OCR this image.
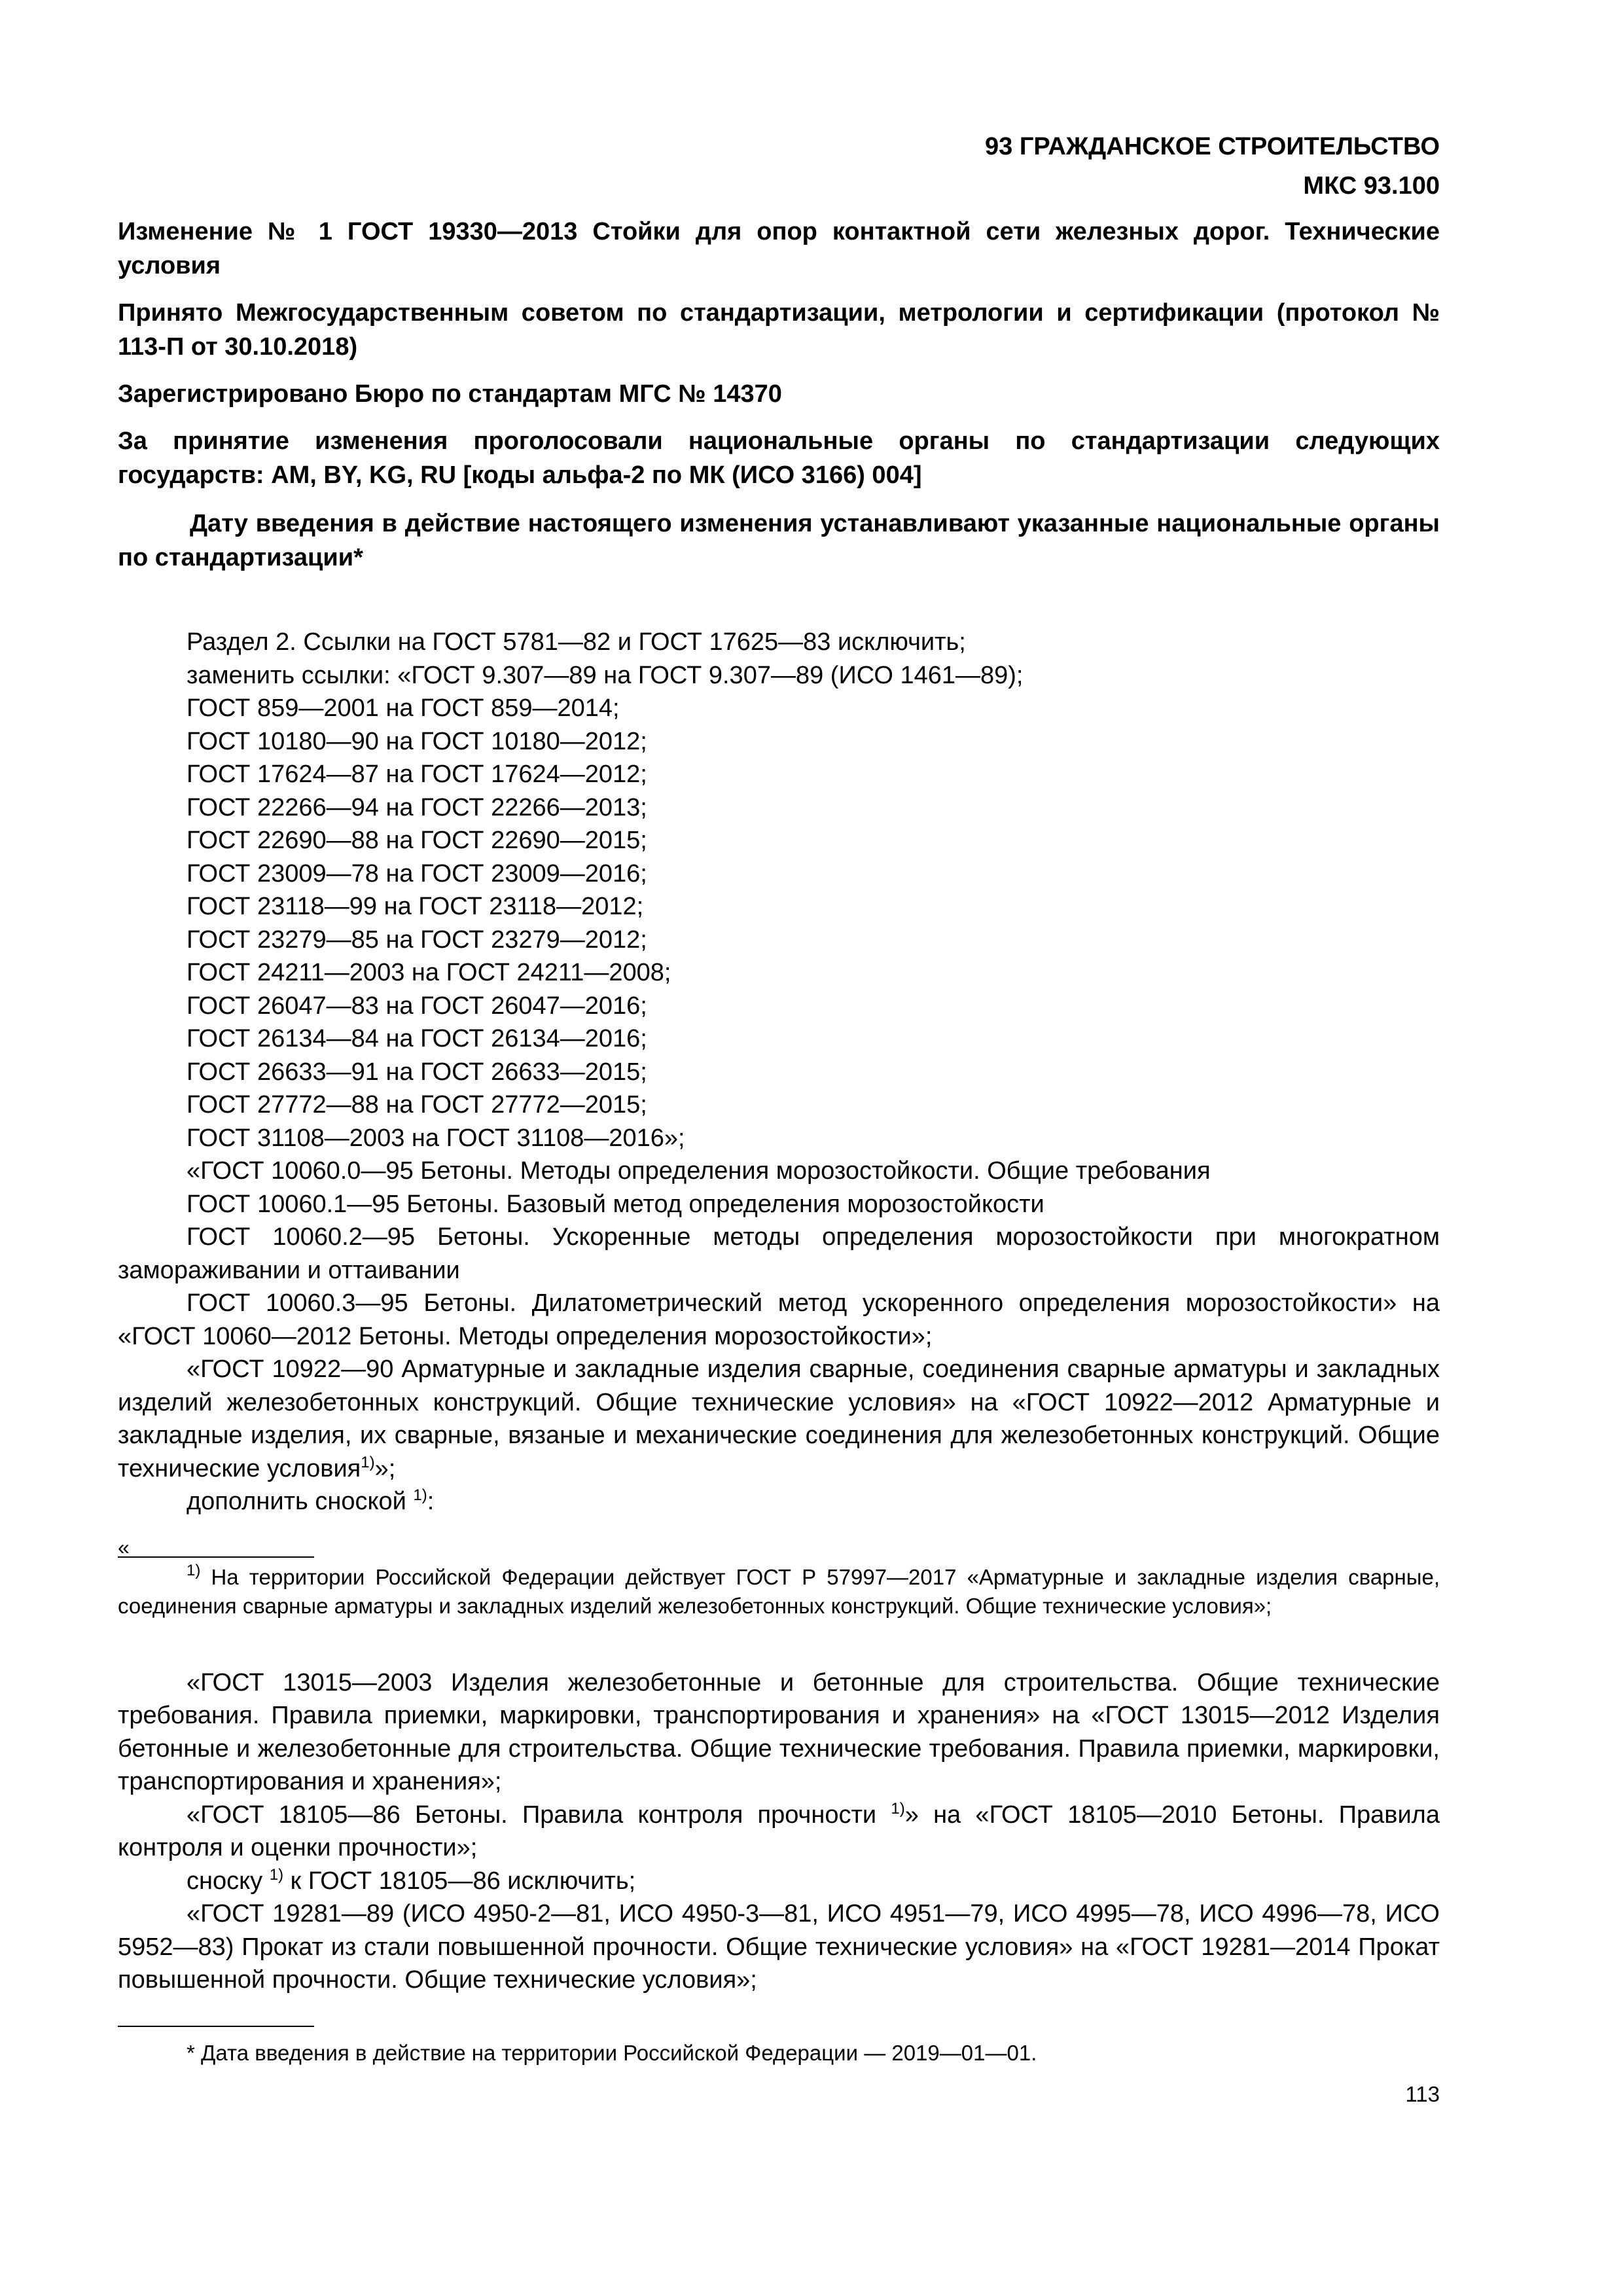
93 ГРАЖДАНСКОЕ СТРОИТЕЛЬСТВО
МКС 93.100
Изменение № 1 ГОСТ 19330—2013 Стойки для опор контактной сети железных дорог. Технические условия
Принято Межгосударственным советом по стандартизации, метрологии и сертификации (протокол № 113-П от 30.10.2018)
Зарегистрировано Бюро по стандартам МГС № 14370
За принятие изменения проголосовали национальные органы по стандартизации следующих государств: AM, BY, KG, RU [коды альфа-2 по МК (ИСО 3166) 004]
Дату введения в действие настоящего изменения устанавливают указанные национальные органы по стандартизации*
Раздел 2. Ссылки на ГОСТ 5781—82 и ГОСТ 17625—83 исключить;
заменить ссылки: «ГОСТ 9.307—89 на ГОСТ 9.307—89 (ИСО 1461—89);
ГОСТ 859—2001 на ГОСТ 859—2014;
ГОСТ 10180—90 на ГОСТ 10180—2012;
ГОСТ 17624—87 на ГОСТ 17624—2012;
ГОСТ 22266—94 на ГОСТ 22266—2013;
ГОСТ 22690—88 на ГОСТ 22690—2015;
ГОСТ 23009—78 на ГОСТ 23009—2016;
ГОСТ 23118—99 на ГОСТ 23118—2012;
ГОСТ 23279—85 на ГОСТ 23279—2012;
ГОСТ 24211—2003 на ГОСТ 24211—2008;
ГОСТ 26047—83 на ГОСТ 26047—2016;
ГОСТ 26134—84 на ГОСТ 26134—2016;
ГОСТ 26633—91 на ГОСТ 26633—2015;
ГОСТ 27772—88 на ГОСТ 27772—2015;
ГОСТ 31108—2003 на ГОСТ 31108—2016»;
«ГОСТ 10060.0—95 Бетоны. Методы определения морозостойкости. Общие требования
ГОСТ 10060.1—95 Бетоны. Базовый метод определения морозостойкости
ГОСТ 10060.2—95 Бетоны. Ускоренные методы определения морозостойкости при многократном замораживании и оттаивании
ГОСТ 10060.3—95 Бетоны. Дилатометрический метод ускоренного определения морозостойкости» на «ГОСТ 10060—2012 Бетоны. Методы определения морозостойкости»;
«ГОСТ 10922—90 Арматурные и закладные изделия сварные, соединения сварные арматуры и закладных изделий железобетонных конструкций. Общие технические условия» на «ГОСТ 10922—2012 Арматурные и закладные изделия, их сварные, вязаные и механические соединения для железобетонных конструкций. Общие технические условия$^{1)}$»;
дополнить сноской $^{1)}$:
«
$^{1)}$ На территории Российской Федерации действует ГОСТ Р 57997—2017 «Арматурные и закладные изделия сварные, соединения сварные арматуры и закладных изделий железобетонных конструкций. Общие технические условия»;
«ГОСТ 13015—2003 Изделия железобетонные и бетонные для строительства. Общие технические требования. Правила приемки, маркировки, транспортирования и хранения» на «ГОСТ 13015—2012 Изделия бетонные и железобетонные для строительства. Общие технические требования. Правила приемки, маркировки, транспортирования и хранения»;
«ГОСТ 18105—86 Бетоны. Правила контроля прочности $^{1)}$» на «ГОСТ 18105—2010 Бетоны. Правила контроля и оценки прочности»;
сноску $^{1)}$ к ГОСТ 18105—86 исключить;
«ГОСТ 19281—89 (ИСО 4950-2—81, ИСО 4950-3—81, ИСО 4951—79, ИСО 4995—78, ИСО 4996—78, ИСО 5952—83) Прокат из стали повышенной прочности. Общие технические условия» на «ГОСТ 19281—2014 Прокат повышенной прочности. Общие технические условия»;
* Дата введения в действие на территории Российской Федерации — 2019—01—01.
113
